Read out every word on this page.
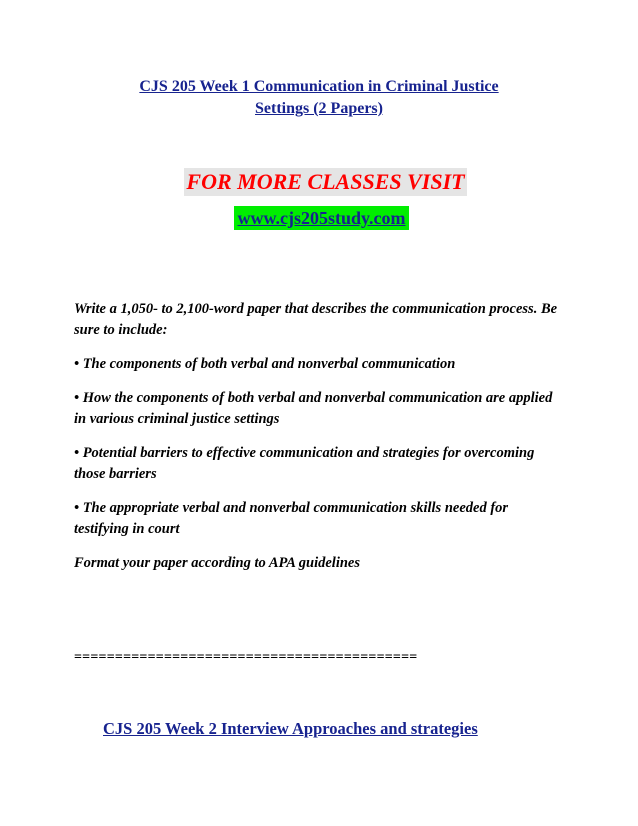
CJS 205 Week 1 Communication in Criminal Justice
Settings (2 Papers)
FOR MORE CLASSES VISIT
www.cjs205study.com

Write a 1,050- to 2,100-word paper that describes the communication process. Be sure to include:

• The components of both verbal and nonverbal communication

• How the components of both verbal and nonverbal communication are applied in various criminal justice settings

• Potential barriers to effective communication and strategies for overcoming those barriers

• The appropriate verbal and nonverbal communication skills needed for testifying in court

Format your paper according to APA guidelines

==========================================
CJS 205 Week 2 Interview Approaches and strategies
